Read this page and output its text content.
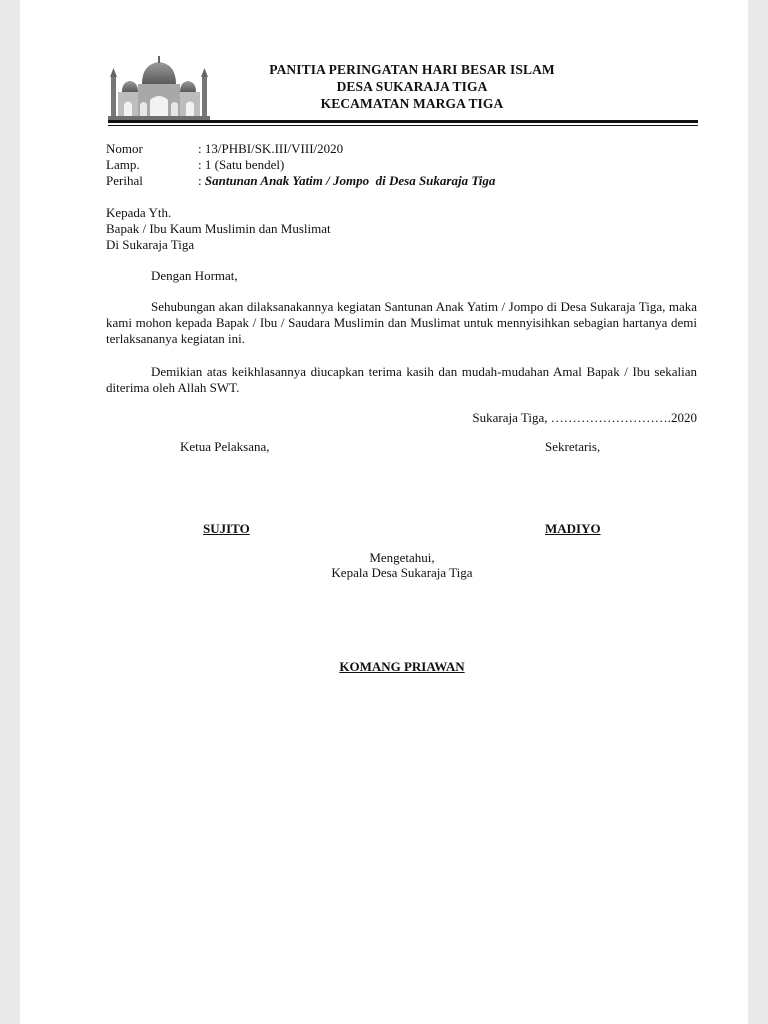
PANITIA PERINGATAN HARI BESAR ISLAM
DESA SUKARAJA TIGA
KECAMATAN MARGA TIGA
Nomor	: 13/PHBI/SK.III/VIII/2020
Lamp.	: 1 (Satu bendel)
Perihal	: Santunan Anak Yatim / Jompo  di Desa Sukaraja Tiga
Kepada Yth.
Bapak / Ibu Kaum Muslimin dan Muslimat
Di Sukaraja Tiga
Dengan Hormat,
Sehubungan akan dilaksanakannya kegiatan Santunan Anak Yatim / Jompo di Desa Sukaraja Tiga, maka kami mohon kepada Bapak / Ibu / Saudara Muslimin dan Muslimat untuk mennyisihkan sebagian hartanya demi terlaksananya kegiatan ini.
Demikian atas keikhlasannya diucapkan terima kasih dan mudah-mudahan Amal Bapak / Ibu sekalian diterima oleh Allah SWT.
Sukaraja Tiga, ……………………….2020
Ketua Pelaksana,	Sekretaris,
SUJITO	MADIYO
Mengetahui,
Kepala Desa Sukaraja Tiga
KOMANG PRIAWAN
